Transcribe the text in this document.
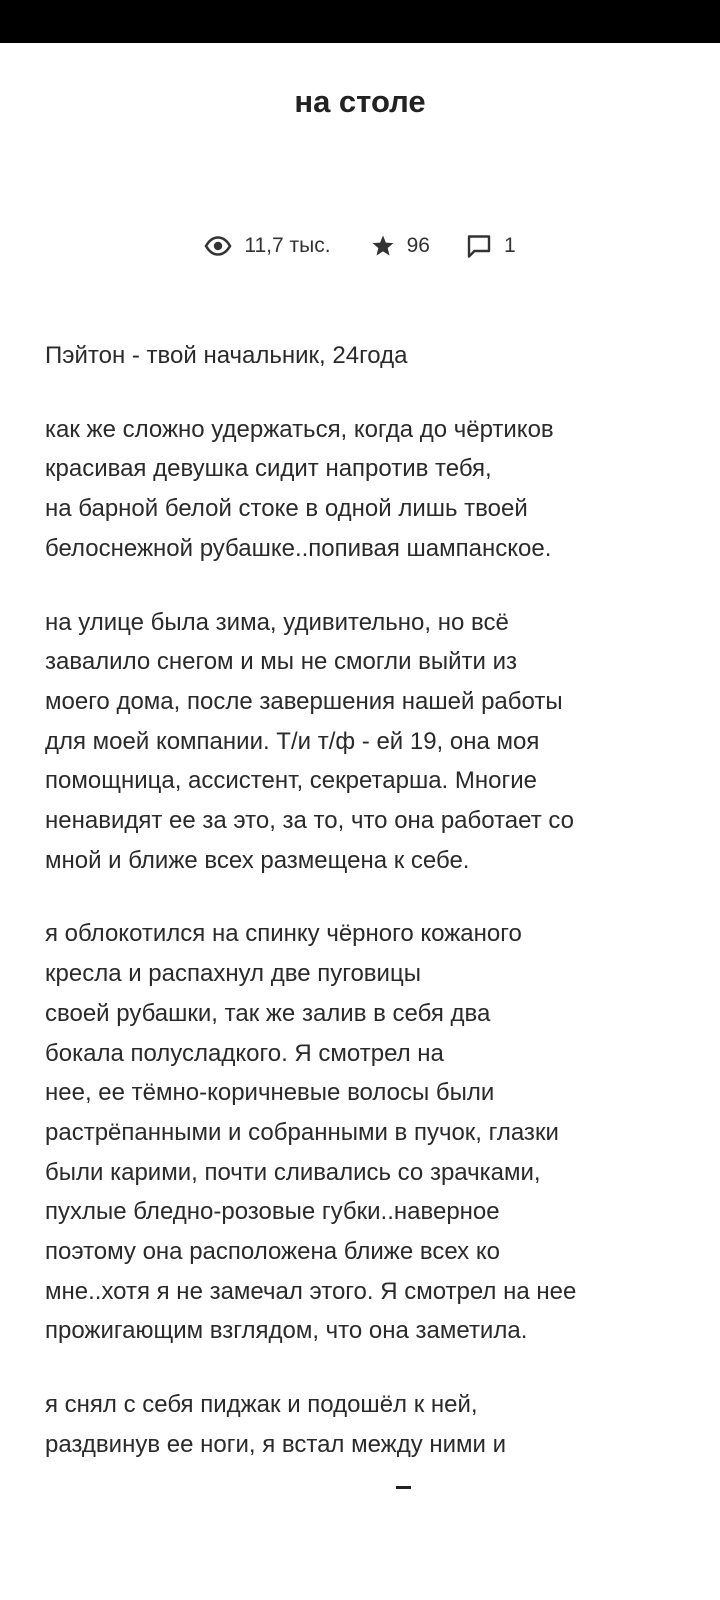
на столе
11,7 тыс.	96	1

Пэйтон - твой начальник, 24года

как же сложно удержаться, когда до чёртиков
красивая девушка сидит напротив тебя,
на барной белой стоке в одной лишь твоей
белоснежной рубашке..попивая шампанское.

на улице была зима, удивительно, но всё
завалило снегом и мы не смогли выйти из
моего дома, после завершения нашей работы
для моей компании. Т/и т/ф - ей 19, она моя
помощница, ассистент, секретарша. Многие
ненавидят ее за это, за то, что она работает со
мной и ближе всех размещена к себе.

я облокотился на спинку чёрного кожаного
кресла и распахнул две пуговицы
своей рубашки, так же залив в себя два
бокала полусладкого. Я смотрел на
нее, ее тёмно-коричневые волосы были
растрёпанными и собранными в пучок, глазки
были карими, почти сливались со зрачками,
пухлые бледно-розовые губки..наверное
поэтому она расположена ближе всех ко
мне..хотя я не замечал этого. Я смотрел на нее
прожигающим взглядом, что она заметила.

я снял с себя пиджак и подошёл к ней,
раздвинув ее ноги, я встал между ними и
